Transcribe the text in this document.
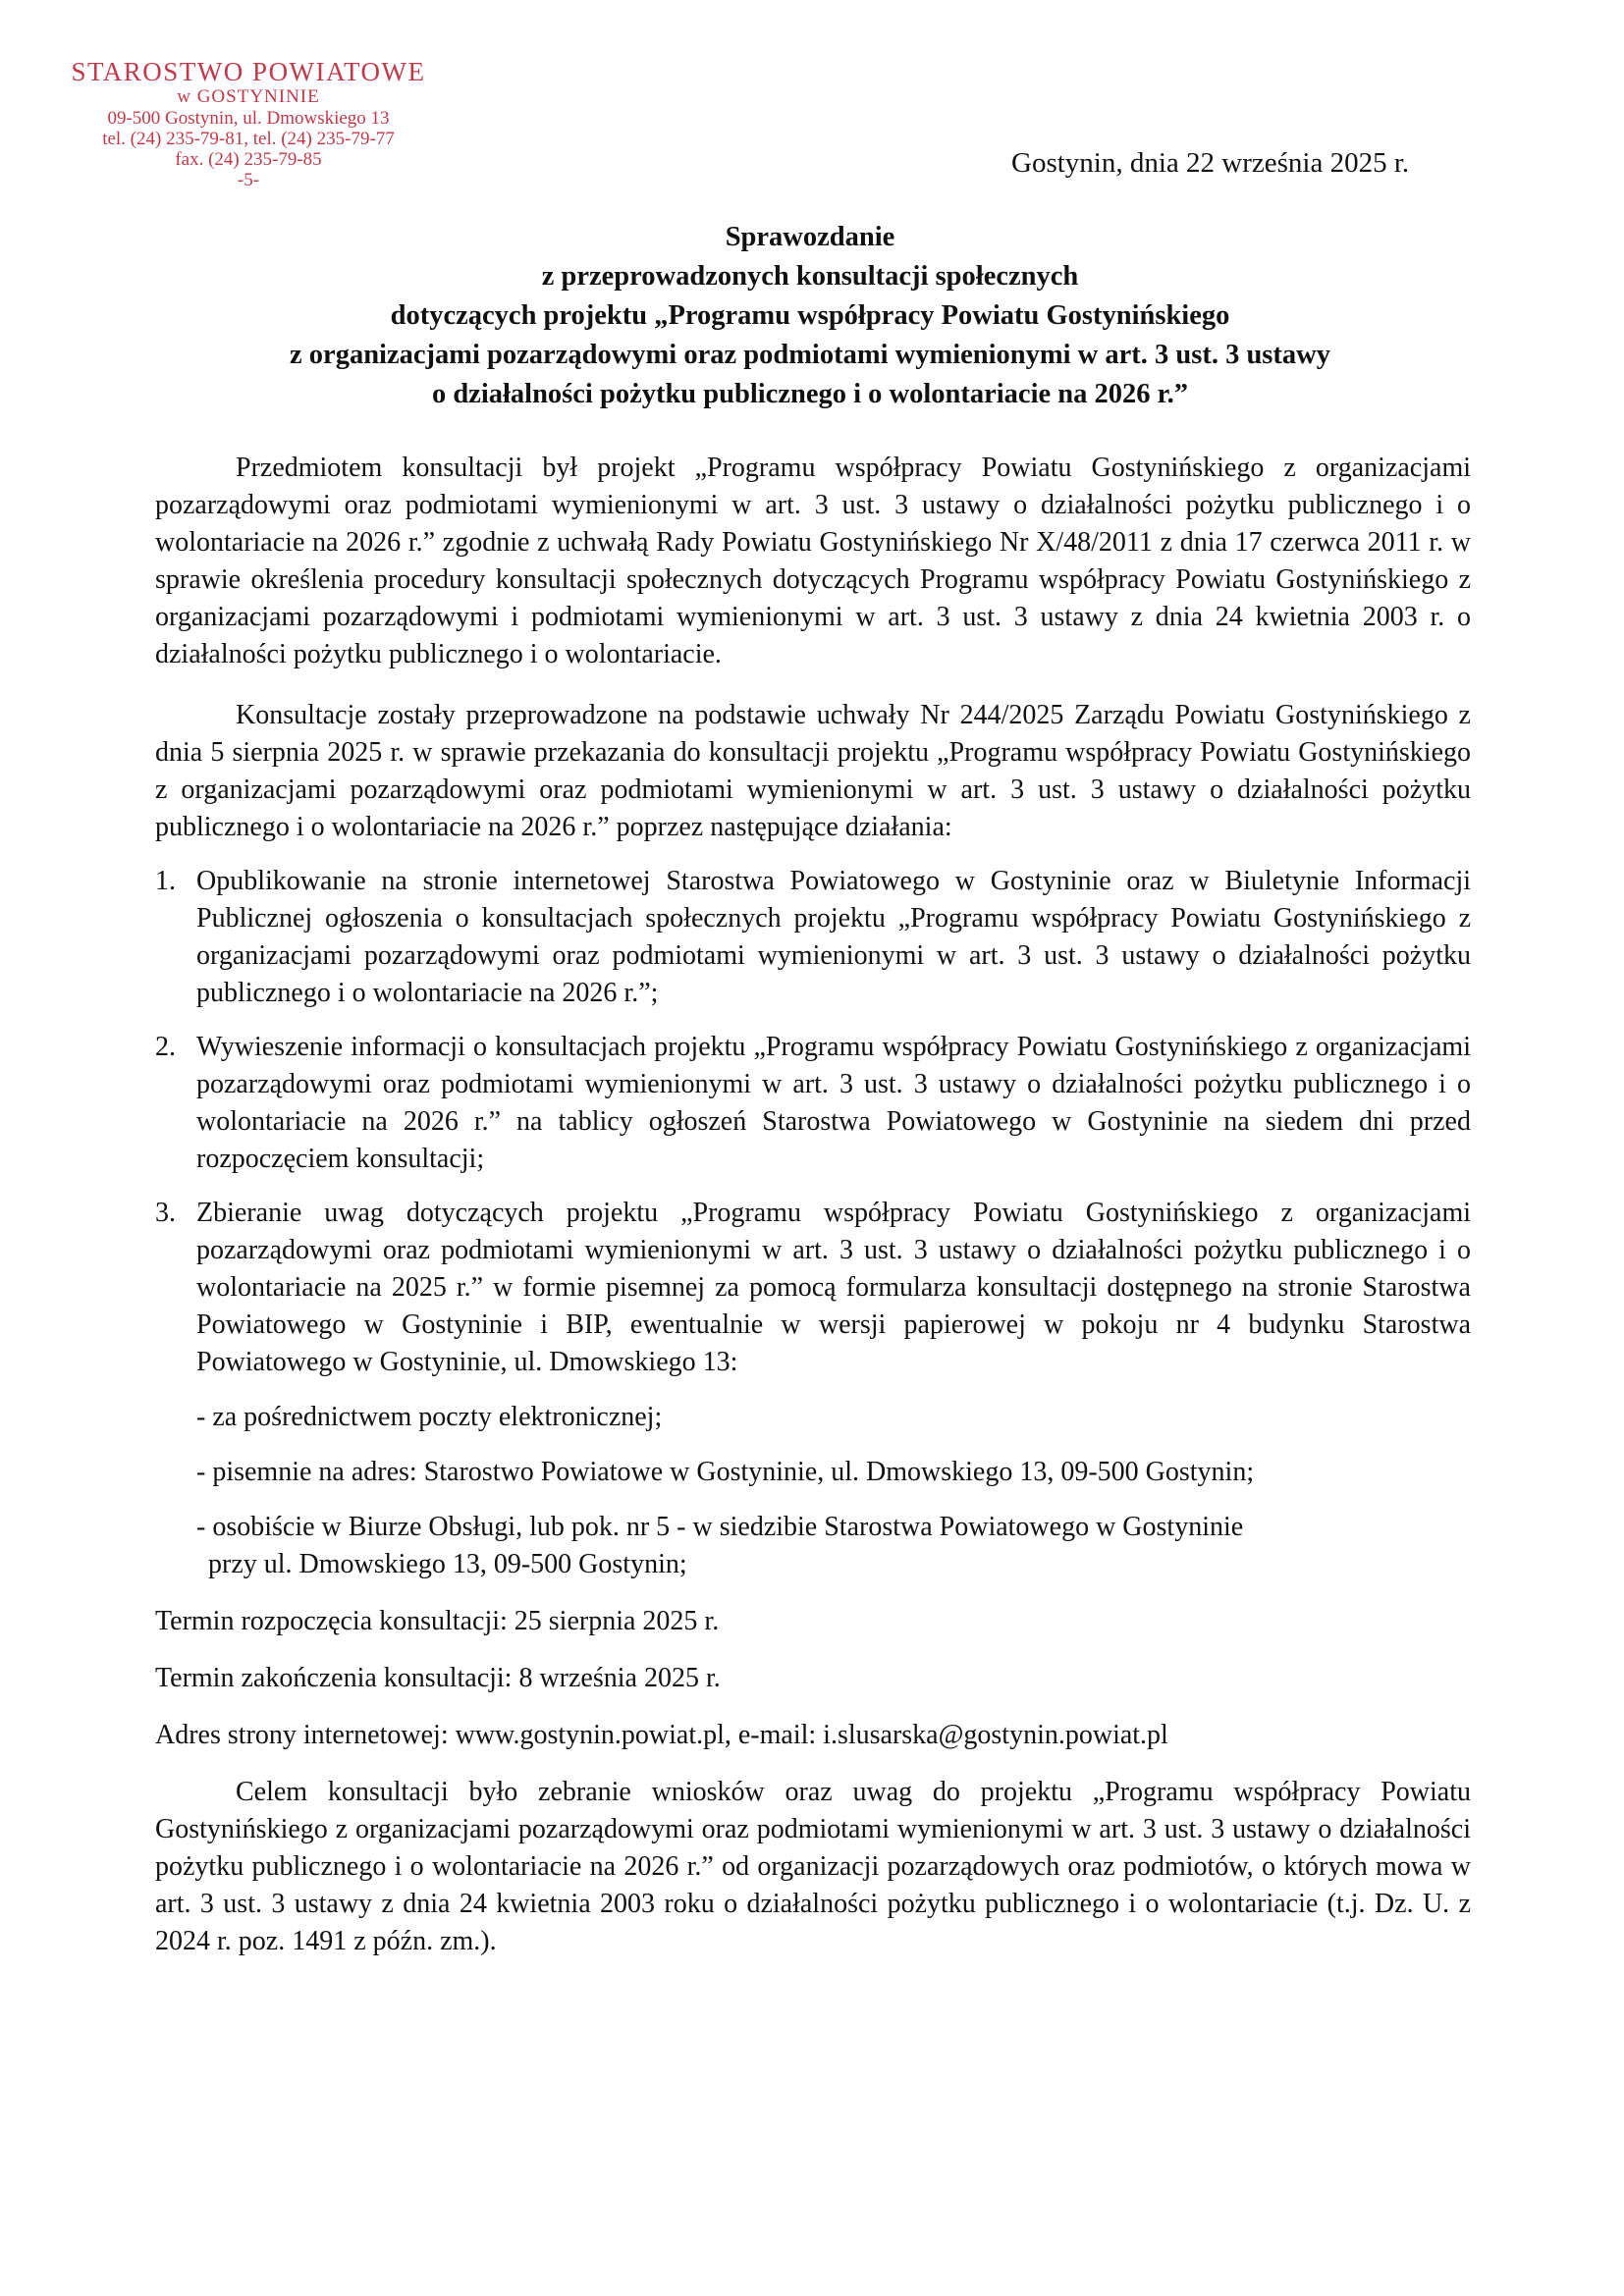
STAROSTWO POWIATOWE
w GOSTYNINIE
09-500 Gostynin, ul. Dmowskiego 13
tel. (24) 235-79-81, tel. (24) 235-79-77
fax. (24) 235-79-85
-5-
Gostynin, dnia 22 września 2025 r.
Sprawozdanie
z przeprowadzonych konsultacji społecznych
dotyczących projektu „Programu współpracy Powiatu Gostynińskiego
z organizacjami pozarządowymi oraz podmiotami wymienionymi w art. 3 ust. 3 ustawy
o działalności pożytku publicznego i o wolontariacie na 2026 r.”

Przedmiotem konsultacji był projekt „Programu współpracy Powiatu Gostynińskiego z organizacjami pozarządowymi oraz podmiotami wymienionymi w art. 3 ust. 3 ustawy o działalności pożytku publicznego i o wolontariacie na 2026 r.” zgodnie z uchwałą Rady Powiatu Gostynińskiego Nr X/48/2011 z dnia 17 czerwca 2011 r. w sprawie określenia procedury konsultacji społecznych dotyczących Programu współpracy Powiatu Gostynińskiego z organizacjami pozarządowymi i podmiotami wymienionymi w art. 3 ust. 3 ustawy z dnia 24 kwietnia 2003 r. o działalności pożytku publicznego i o wolontariacie.

Konsultacje zostały przeprowadzone na podstawie uchwały Nr 244/2025 Zarządu Powiatu Gostynińskiego z dnia 5 sierpnia 2025 r. w sprawie przekazania do konsultacji projektu „Programu współpracy Powiatu Gostynińskiego z organizacjami pozarządowymi oraz podmiotami wymienionymi w art. 3 ust. 3 ustawy o działalności pożytku publicznego i o wolontariacie na 2026 r.” poprzez następujące działania:

1. Opublikowanie na stronie internetowej Starostwa Powiatowego w Gostyninie oraz w Biuletynie Informacji Publicznej ogłoszenia o konsultacjach społecznych projektu „Programu współpracy Powiatu Gostynińskiego z organizacjami pozarządowymi oraz podmiotami wymienionymi w art. 3 ust. 3 ustawy o działalności pożytku publicznego i o wolontariacie na 2026 r.”;
2. Wywieszenie informacji o konsultacjach projektu „Programu współpracy Powiatu Gostynińskiego z organizacjami pozarządowymi oraz podmiotami wymienionymi w art. 3 ust. 3 ustawy o działalności pożytku publicznego i o wolontariacie na 2026 r.” na tablicy ogłoszeń Starostwa Powiatowego w Gostyninie na siedem dni przed rozpoczęciem konsultacji;
3. Zbieranie uwag dotyczących projektu „Programu współpracy Powiatu Gostynińskiego z organizacjami pozarządowymi oraz podmiotami wymienionymi w art. 3 ust. 3 ustawy o działalności pożytku publicznego i o wolontariacie na 2025 r.” w formie pisemnej za pomocą formularza konsultacji dostępnego na stronie Starostwa Powiatowego w Gostyninie i BIP, ewentualnie w wersji papierowej w pokoju nr 4 budynku Starostwa Powiatowego w Gostyninie, ul. Dmowskiego 13:

- za pośrednictwem poczty elektronicznej;

- pisemnie na adres: Starostwo Powiatowe w Gostyninie, ul. Dmowskiego 13, 09-500 Gostynin;

- osobiście w Biurze Obsługi, lub pok. nr 5 - w siedzibie Starostwa Powiatowego w Gostyninie
przy ul. Dmowskiego 13, 09-500 Gostynin;

Termin rozpoczęcia konsultacji: 25 sierpnia 2025 r.

Termin zakończenia konsultacji: 8 września 2025 r.

Adres strony internetowej: www.gostynin.powiat.pl, e-mail: i.slusarska@gostynin.powiat.pl

Celem konsultacji było zebranie wniosków oraz uwag do projektu „Programu współpracy Powiatu Gostynińskiego z organizacjami pozarządowymi oraz podmiotami wymienionymi w art. 3 ust. 3 ustawy o działalności pożytku publicznego i o wolontariacie na 2026 r.” od organizacji pozarządowych oraz podmiotów, o których mowa w art. 3 ust. 3 ustawy z dnia 24 kwietnia 2003 roku o działalności pożytku publicznego i o wolontariacie (t.j. Dz. U. z 2024 r. poz. 1491 z późn. zm.).
